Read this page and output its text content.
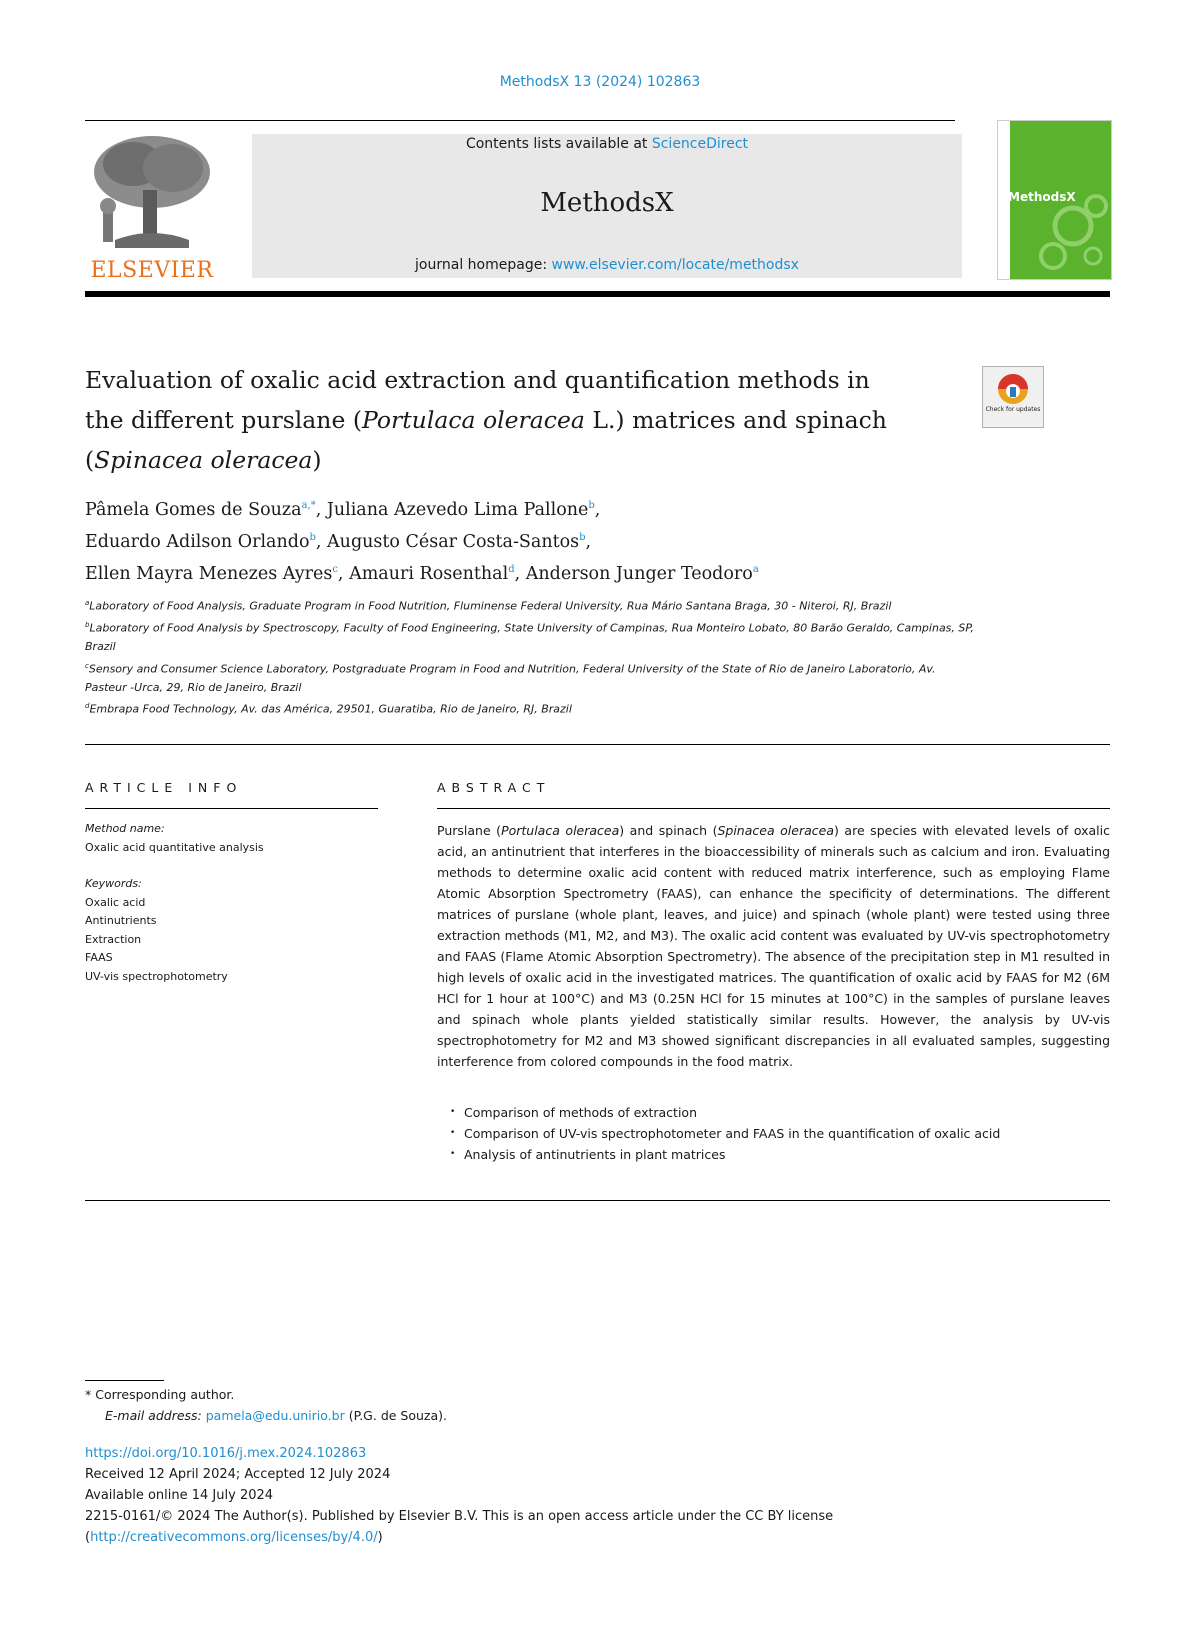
MethodsX 13 (2024) 102863
ELSEVIER
Contents lists available at ScienceDirect
MethodsX
journal homepage: www.elsevier.com/locate/methodsx
MethodsX
Evaluation of oxalic acid extraction and quantification methods in
the different purslane (Portulaca oleracea L.) matrices and spinach
(Spinacea oleracea)
Check for updates
Pâmela Gomes de Souza$^{a,*}$, Juliana Azevedo Lima Pallone$^b$,
Eduardo Adilson Orlando$^b$, Augusto César Costa-Santos$^b$,
Ellen Mayra Menezes Ayres$^c$, Amauri Rosenthal$^d$, Anderson Junger Teodoro$^a$
$^a$Laboratory of Food Analysis, Graduate Program in Food Nutrition, Fluminense Federal University, Rua Mário Santana Braga, 30 - Niteroi, RJ, Brazil
$^b$Laboratory of Food Analysis by Spectroscopy, Faculty of Food Engineering, State University of Campinas, Rua Monteiro Lobato, 80 Barão Geraldo, Campinas, SP, Brazil
$^c$Sensory and Consumer Science Laboratory, Postgraduate Program in Food and Nutrition, Federal University of the State of Rio de Janeiro Laboratorio, Av. Pasteur -Urca, 29, Rio de Janeiro, Brazil
$^d$Embrapa Food Technology, Av. das América, 29501, Guaratiba, Rio de Janeiro, RJ, Brazil
ARTICLE INFO
Method name:
Oxalic acid quantitative analysis
Keywords:
Oxalic acid
Antinutrients
Extraction
FAAS
UV-vis spectrophotometry
ABSTRACT
Purslane (Portulaca oleracea) and spinach (Spinacea oleracea) are species with elevated levels of oxalic acid, an antinutrient that interferes in the bioaccessibility of minerals such as calcium and iron. Evaluating methods to determine oxalic acid content with reduced matrix interference, such as employing Flame Atomic Absorption Spectrometry (FAAS), can enhance the specificity of determinations. The different matrices of purslane (whole plant, leaves, and juice) and spinach (whole plant) were tested using three extraction methods (M1, M2, and M3). The oxalic acid content was evaluated by UV-vis spectrophotometry and FAAS (Flame Atomic Absorption Spectrometry). The absence of the precipitation step in M1 resulted in high levels of oxalic acid in the investigated matrices. The quantification of oxalic acid by FAAS for M2 (6M HCl for 1 hour at 100°C) and M3 (0.25N HCl for 15 minutes at 100°C) in the samples of purslane leaves and spinach whole plants yielded statistically similar results. However, the analysis by UV-vis spectrophotometry for M2 and M3 showed significant discrepancies in all evaluated samples, suggesting interference from colored compounds in the food matrix.
• Comparison of methods of extraction
• Comparison of UV-vis spectrophotometer and FAAS in the quantification of oxalic acid
• Analysis of antinutrients in plant matrices
* Corresponding author.
E-mail address: pamela@edu.unirio.br (P.G. de Souza).
https://doi.org/10.1016/j.mex.2024.102863
Received 12 April 2024; Accepted 12 July 2024
Available online 14 July 2024
2215-0161/© 2024 The Author(s). Published by Elsevier B.V. This is an open access article under the CC BY license
(http://creativecommons.org/licenses/by/4.0/)
